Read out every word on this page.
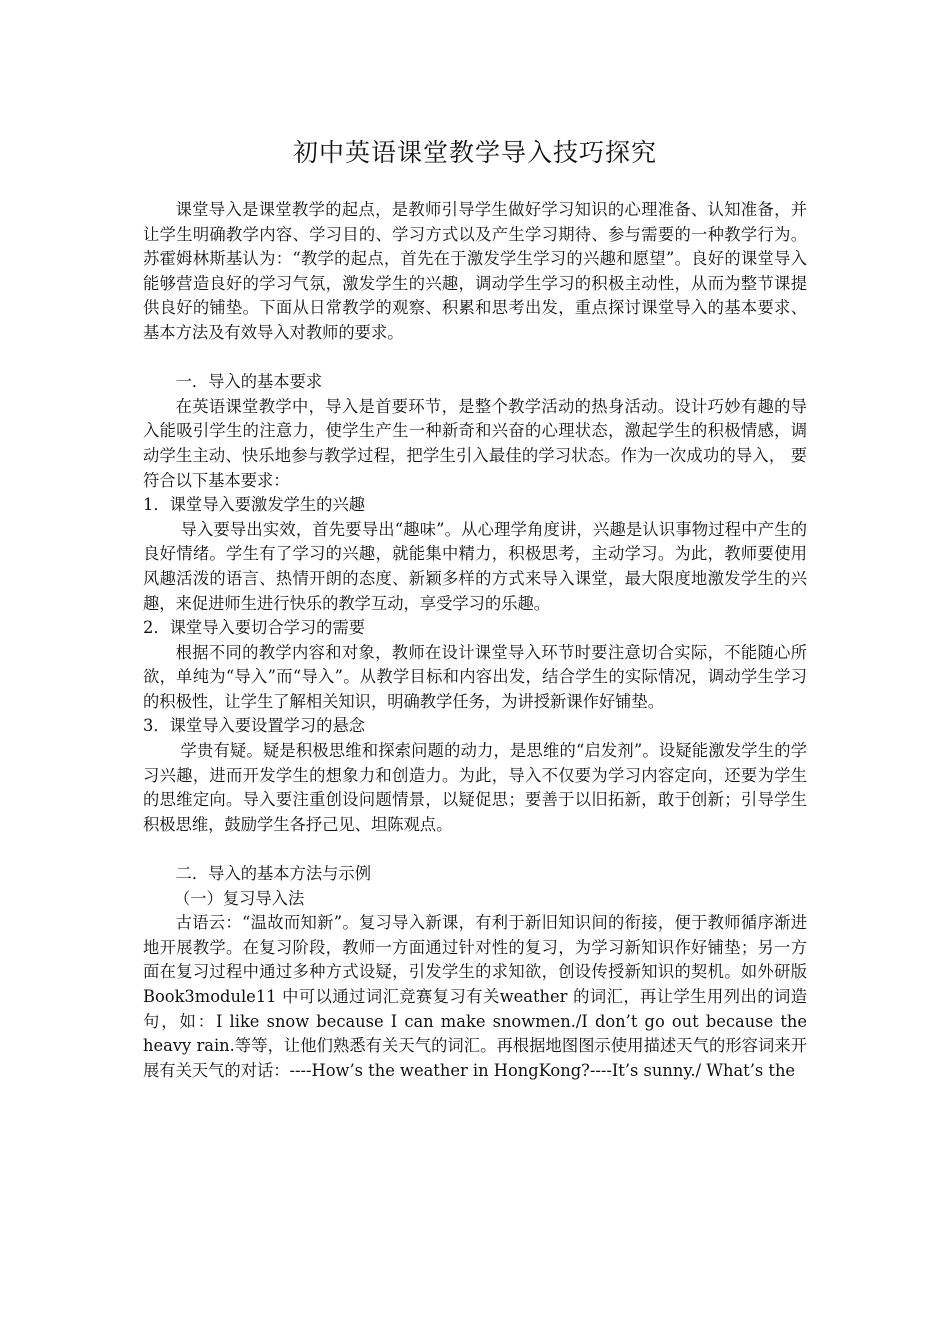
初中英语课堂教学导入技巧探究

课堂导入是课堂教学的起点，是教师引导学生做好学习知识的心理准备、认知准备，并让学生明确教学内容、学习目的、学习方式以及产生学习期待、参与需要的一种教学行为。苏霍姆林斯基认为：“教学的起点，首先在于激发学生学习的兴趣和愿望”。良好的课堂导入能够营造良好的学习气氛，激发学生的兴趣，调动学生学习的积极主动性，从而为整节课提供良好的铺垫。下面从日常教学的观察、积累和思考出发，重点探讨课堂导入的基本要求、基本方法及有效导入对教师的要求。

一．导入的基本要求

在英语课堂教学中，导入是首要环节，是整个教学活动的热身活动。设计巧妙有趣的导入能吸引学生的注意力，使学生产生一种新奇和兴奋的心理状态，激起学生的积极情感，调动学生主动、快乐地参与教学过程，把学生引入最佳的学习状态。作为一次成功的导入， 要符合以下基本要求：

1．课堂导入要激发学生的兴趣

导入要导出实效，首先要导出“趣味”。从心理学角度讲，兴趣是认识事物过程中产生的良好情绪。学生有了学习的兴趣，就能集中精力，积极思考，主动学习。为此，教师要使用风趣活泼的语言、热情开朗的态度、新颖多样的方式来导入课堂，最大限度地激发学生的兴趣，来促进师生进行快乐的教学互动，享受学习的乐趣。

2．课堂导入要切合学习的需要

根据不同的教学内容和对象，教师在设计课堂导入环节时要注意切合实际，不能随心所欲，单纯为“导入”而“导入”。从教学目标和内容出发，结合学生的实际情况，调动学生学习的积极性，让学生了解相关知识，明确教学任务，为讲授新课作好铺垫。

3．课堂导入要设置学习的悬念

学贵有疑。疑是积极思维和探索问题的动力，是思维的“启发剂”。设疑能激发学生的学习兴趣，进而开发学生的想象力和创造力。为此，导入不仅要为学习内容定向，还要为学生的思维定向。导入要注重创设问题情景，以疑促思；要善于以旧拓新，敢于创新；引导学生积极思维，鼓励学生各抒己见、坦陈观点。

二．导入的基本方法与示例

（一）复习导入法

古语云：“温故而知新”。复习导入新课，有利于新旧知识间的衔接，便于教师循序渐进地开展教学。在复习阶段，教师一方面通过针对性的复习，为学习新知识作好铺垫；另一方面在复习过程中通过多种方式设疑，引发学生的求知欲，创设传授新知识的契机。如外研版Book3module11 中可以通过词汇竞赛复习有关weather 的词汇，再让学生用列出的词造句，如：I like snow because I can make snowmen./I don’t go out because the heavy rain.等等，让他们熟悉有关天气的词汇。再根据地图图示使用描述天气的形容词来开展有关天气的对话：----How’s the weather in HongKong?----It’s sunny./ What’s the
